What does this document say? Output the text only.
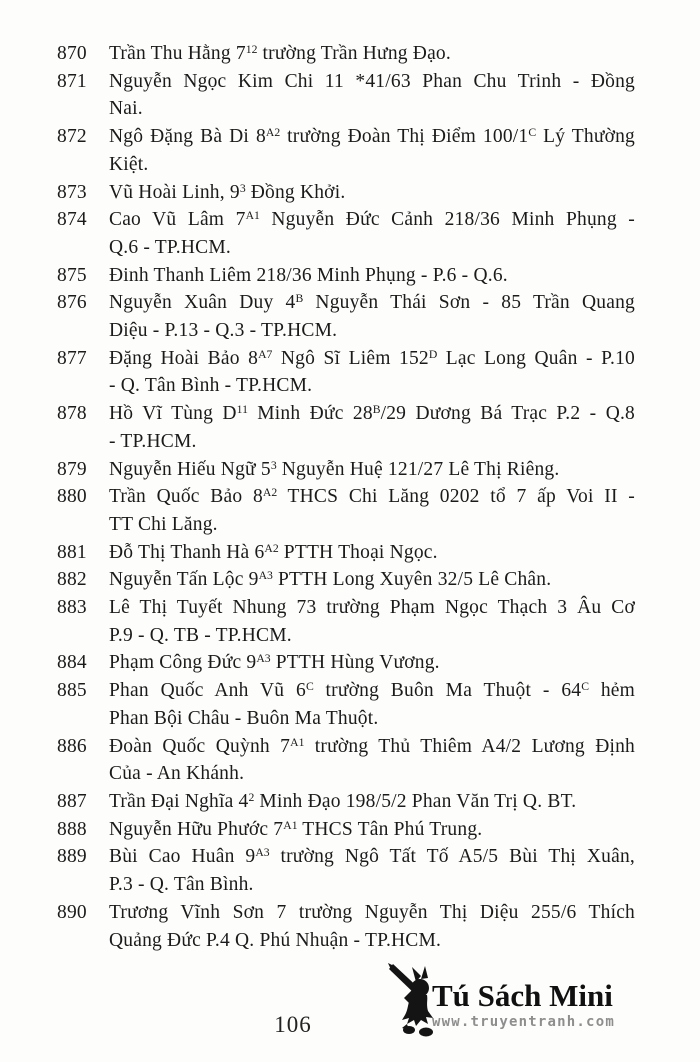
870	Trần Thu Hằng $7^{12}$ trường Trần Hưng Đạo.
871	Nguyễn Ngọc Kim Chi 11 *41/63 Phan Chu Trinh - Đồng
Nai.
872	Ngô Đặng Bà Di $8^{A2}$ trường Đoàn Thị Điểm $100/1^C$ Lý Thường
Kiệt.
873	Vũ Hoài Linh, $9^3$ Đồng Khởi.
874	Cao Vũ Lâm $7^{A1}$ Nguyễn Đức Cảnh 218/36 Minh Phụng -
Q.6 - TP.HCM.
875	Đinh Thanh Liêm 218/36 Minh Phụng - P.6 - Q.6.
876	Nguyễn Xuân Duy $4^B$ Nguyễn Thái Sơn - 85 Trần Quang
Diệu - P.13 - Q.3 - TP.HCM.
877	Đặng Hoài Bảo $8^{A7}$ Ngô Sĩ Liêm $152^D$ Lạc Long Quân - P.10
- Q. Tân Bình - TP.HCM.
878	Hồ Vĩ Tùng $D^{11}$ Minh Đức $28^B/29$ Dương Bá Trạc P.2 - Q.8
- TP.HCM.
879	Nguyễn Hiếu Ngữ $5^3$ Nguyễn Huệ 121/27 Lê Thị Riêng.
880	Trần Quốc Bảo $8^{A2}$ THCS Chi Lăng 0202 tổ 7 ấp Voi II -
TT Chi Lăng.
881	Đỗ Thị Thanh Hà $6^{A2}$ PTTH Thoại Ngọc.
882	Nguyễn Tấn Lộc $9^{A3}$ PTTH Long Xuyên 32/5 Lê Chân.
883	Lê Thị Tuyết Nhung 73 trường Phạm Ngọc Thạch 3 Âu Cơ
P.9 - Q. TB - TP.HCM.
884	Phạm Công Đức $9^{A3}$ PTTH Hùng Vương.
885	Phan Quốc Anh Vũ $6^C$ trường Buôn Ma Thuột - $64^C$ hẻm
Phan Bội Châu - Buôn Ma Thuột.
886	Đoàn Quốc Quỳnh $7^{A1}$ trường Thủ Thiêm A4/2 Lương Định
Của - An Khánh.
887	Trần Đại Nghĩa $4^2$ Minh Đạo 198/5/2 Phan Văn Trị Q. BT.
888	Nguyễn Hữu Phước $7^{A1}$ THCS Tân Phú Trung.
889	Bùi Cao Huân $9^{A3}$ trường Ngô Tất Tố A5/5 Bùi Thị Xuân,
P.3 - Q. Tân Bình.
890	Trương Vĩnh Sơn 7 trường Nguyễn Thị Diệu 255/6 Thích
Quảng Đức P.4 Q. Phú Nhuận - TP.HCM.
106
Tú Sách Mini
www.truyentranh.com
